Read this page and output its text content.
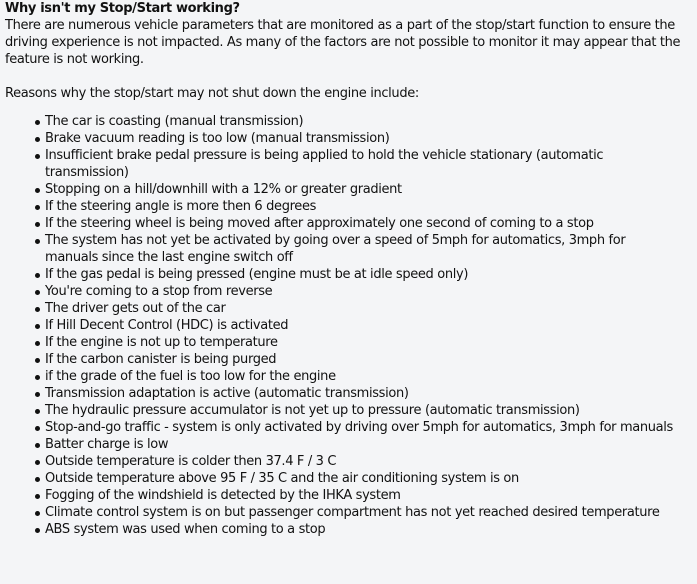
Why isn't my Stop/Start working?

There are numerous vehicle parameters that are monitored as a part of the stop/start function to ensure the driving experience is not impacted. As many of the factors are not possible to monitor it may appear that the feature is not working.

Reasons why the stop/start may not shut down the engine include:

The car is coasting (manual transmission)
Brake vacuum reading is too low (manual transmission)
Insufficient brake pedal pressure is being applied to hold the vehicle stationary (automatic transmission)
Stopping on a hill/downhill with a 12% or greater gradient
If the steering angle is more then 6 degrees
If the steering wheel is being moved after approximately one second of coming to a stop
The system has not yet be activated by going over a speed of 5mph for automatics, 3mph for manuals since the last engine switch off
If the gas pedal is being pressed (engine must be at idle speed only)
You're coming to a stop from reverse
The driver gets out of the car
If Hill Decent Control (HDC) is activated
If the engine is not up to temperature
If the carbon canister is being purged
if the grade of the fuel is too low for the engine
Transmission adaptation is active (automatic transmission)
The hydraulic pressure accumulator is not yet up to pressure (automatic transmission)
Stop-and-go traffic - system is only activated by driving over 5mph for automatics, 3mph for manuals
Batter charge is low
Outside temperature is colder then 37.4 F / 3 C
Outside temperature above 95 F / 35 C and the air conditioning system is on
Fogging of the windshield is detected by the IHKA system
Climate control system is on but passenger compartment has not yet reached desired temperature
ABS system was used when coming to a stop
